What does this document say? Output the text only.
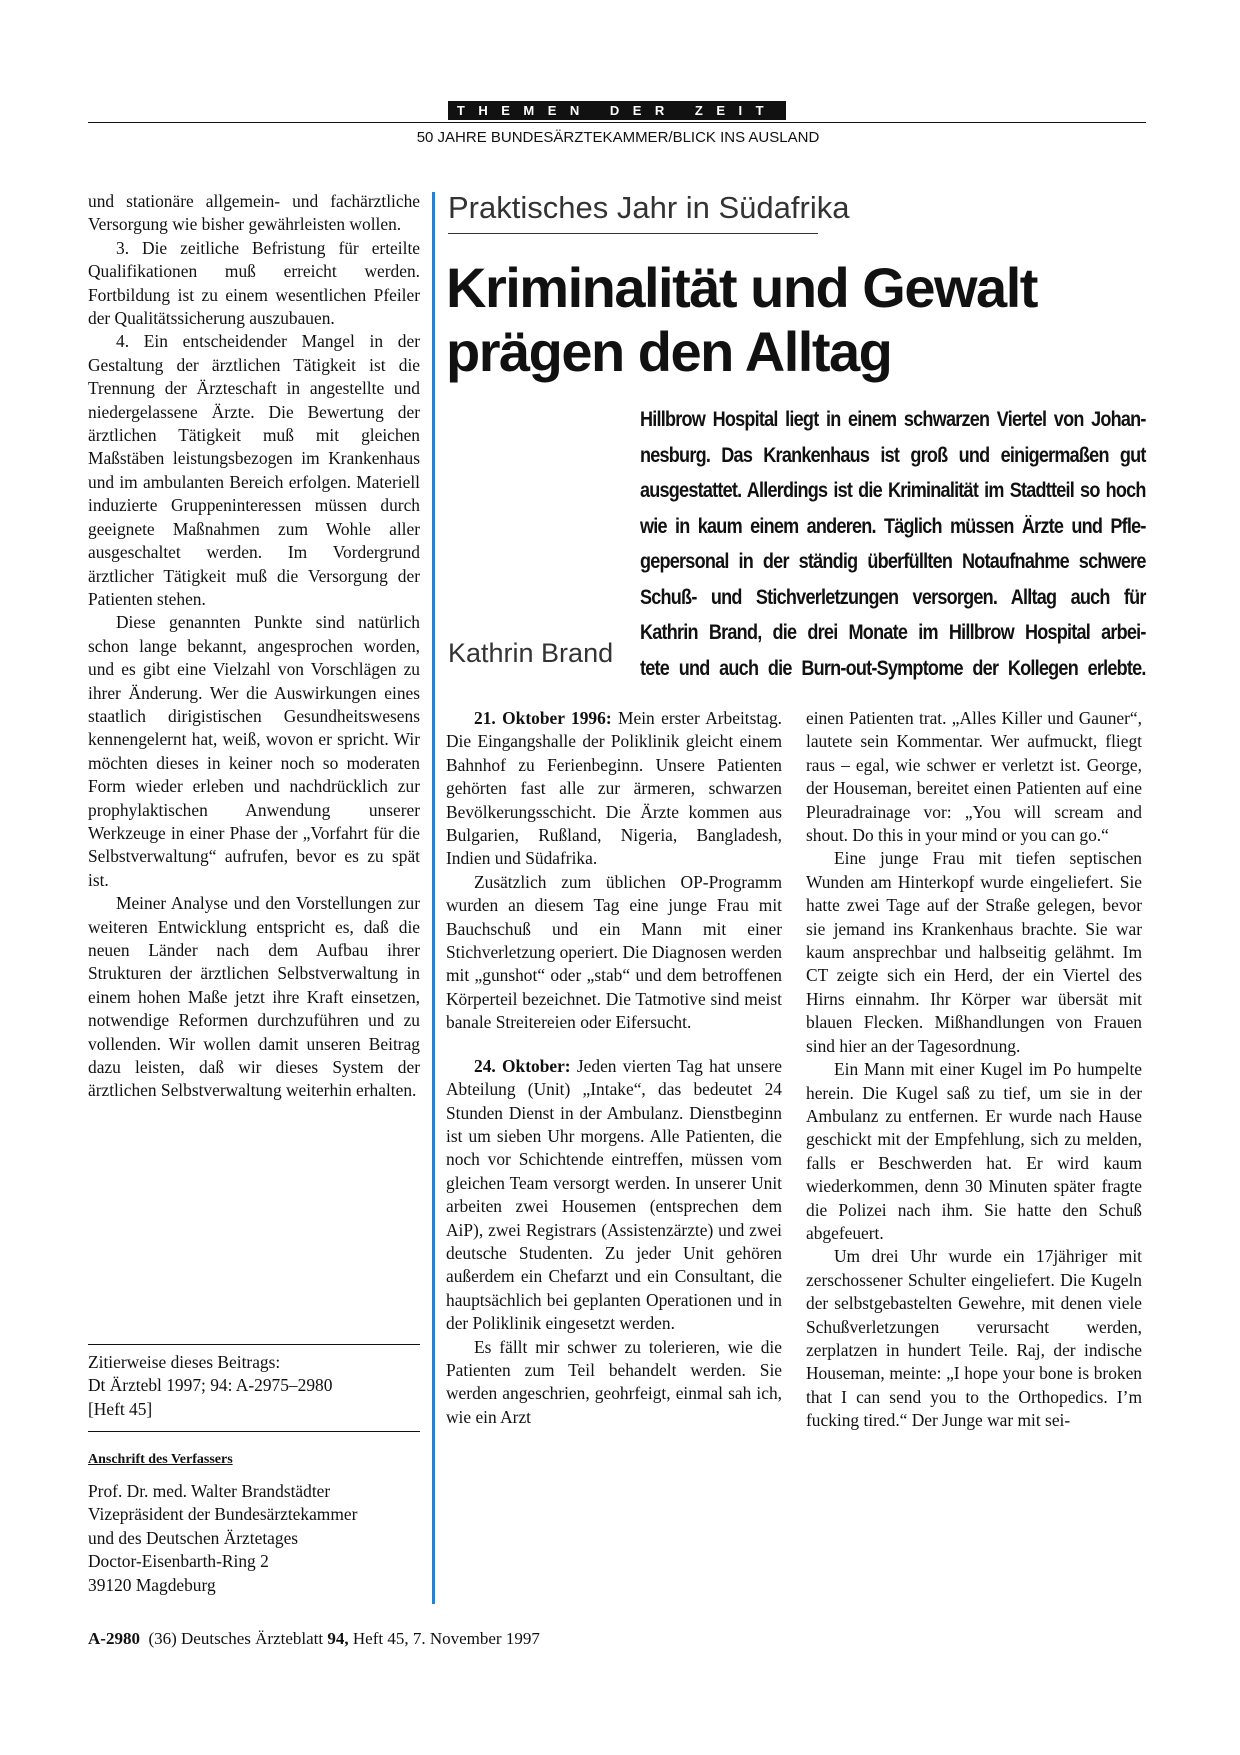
THEMEN DER ZEIT
50 JAHRE BUNDESÄRZTEKAMMER/BLICK INS AUSLAND

und stationäre allgemein- und fachärztliche Versorgung wie bisher gewährleisten wollen.

3. Die zeitliche Befristung für erteilte Qualifikationen muß erreicht werden. Fortbildung ist zu einem wesentlichen Pfeiler der Qualitätssicherung auszubauen.

4. Ein entscheidender Mangel in der Gestaltung der ärztlichen Tätigkeit ist die Trennung der Ärzteschaft in angestellte und niedergelassene Ärzte. Die Bewertung der ärztlichen Tätigkeit muß mit gleichen Maßstäben leistungsbezogen im Krankenhaus und im ambulanten Bereich erfolgen. Materiell induzierte Gruppeninteressen müssen durch geeignete Maßnahmen zum Wohle aller ausgeschaltet werden. Im Vordergrund ärztlicher Tätigkeit muß die Versorgung der Patienten stehen.

Diese genannten Punkte sind natürlich schon lange bekannt, angesprochen worden, und es gibt eine Vielzahl von Vorschlägen zu ihrer Änderung. Wer die Auswirkungen eines staatlich dirigistischen Gesundheitswesens kennengelernt hat, weiß, wovon er spricht. Wir möchten dieses in keiner noch so moderaten Form wieder erleben und nachdrücklich zur prophylaktischen Anwendung unserer Werkzeuge in einer Phase der „Vorfahrt für die Selbstverwaltung“ aufrufen, bevor es zu spät ist.

Meiner Analyse und den Vorstellungen zur weiteren Entwicklung entspricht es, daß die neuen Länder nach dem Aufbau ihrer Strukturen der ärztlichen Selbstverwaltung in einem hohen Maße jetzt ihre Kraft einsetzen, notwendige Reformen durchzuführen und zu vollenden. Wir wollen damit unseren Beitrag dazu leisten, daß wir dieses System der ärztlichen Selbstverwaltung weiterhin erhalten.

Zitierweise dieses Beitrags:

Dt Ärztebl 1997; 94: A-2975–2980

[Heft 45]

Anschrift des Verfassers

Prof. Dr. med. Walter Brandstädter

Vizepräsident der Bundesärztekammer

und des Deutschen Ärztetages

Doctor-Eisenbarth-Ring 2

39120 Magdeburg

Praktisches Jahr in Südafrika
Kriminalität und Gewalt
prägen den Alltag
Hillbrow Hospital liegt in einem schwarzen Viertel von Johan-
nesburg. Das Krankenhaus ist groß und einigermaßen gut
ausgestattet. Allerdings ist die Kriminalität im Stadtteil so hoch
wie in kaum einem anderen. Täglich müssen Ärzte und Pfle-
gepersonal in der ständig überfüllten Notaufnahme schwere
Schuß- und Stichverletzungen versorgen. Alltag auch für
Kathrin Brand, die drei Monate im Hillbrow Hospital arbei-
tete und auch die Burn-out-Symptome der Kollegen erlebte.
Kathrin Brand

21. Oktober 1996: Mein erster Arbeitstag. Die Eingangshalle der Poliklinik gleicht einem Bahnhof zu Ferienbeginn. Unsere Patienten gehörten fast alle zur ärmeren, schwarzen Bevölkerungsschicht. Die Ärzte kommen aus Bulgarien, Rußland, Nigeria, Bangladesh, Indien und Südafrika.

Zusätzlich zum üblichen OP-Programm wurden an diesem Tag eine junge Frau mit Bauchschuß und ein Mann mit einer Stichverletzung operiert. Die Diagnosen werden mit „gunshot“ oder „stab“ und dem betroffenen Körperteil bezeichnet. Die Tatmotive sind meist banale Streitereien oder Eifersucht.

24. Oktober: Jeden vierten Tag hat unsere Abteilung (Unit) „Intake“, das bedeutet 24 Stunden Dienst in der Ambulanz. Dienstbeginn ist um sieben Uhr morgens. Alle Patienten, die noch vor Schichtende eintreffen, müssen vom gleichen Team versorgt werden. In unserer Unit arbeiten zwei Housemen (entsprechen dem AiP), zwei Registrars (Assistenzärzte) und zwei deutsche Studenten. Zu jeder Unit gehören außerdem ein Chefarzt und ein Consultant, die hauptsächlich bei geplanten Operationen und in der Poliklinik eingesetzt werden.

Es fällt mir schwer zu tolerieren, wie die Patienten zum Teil behandelt werden. Sie werden angeschrien, geohrfeigt, einmal sah ich, wie ein Arzt

einen Patienten trat. „Alles Killer und Gauner“, lautete sein Kommentar. Wer aufmuckt, fliegt raus – egal, wie schwer er verletzt ist. George, der Houseman, bereitet einen Patienten auf eine Pleuradrainage vor: „You will scream and shout. Do this in your mind or you can go.“

Eine junge Frau mit tiefen septischen Wunden am Hinterkopf wurde eingeliefert. Sie hatte zwei Tage auf der Straße gelegen, bevor sie jemand ins Krankenhaus brachte. Sie war kaum ansprechbar und halbseitig gelähmt. Im CT zeigte sich ein Herd, der ein Viertel des Hirns einnahm. Ihr Körper war übersät mit blauen Flecken. Mißhandlungen von Frauen sind hier an der Tagesordnung.

Ein Mann mit einer Kugel im Po humpelte herein. Die Kugel saß zu tief, um sie in der Ambulanz zu entfernen. Er wurde nach Hause geschickt mit der Empfehlung, sich zu melden, falls er Beschwerden hat. Er wird kaum wiederkommen, denn 30 Minuten später fragte die Polizei nach ihm. Sie hatte den Schuß abgefeuert.

Um drei Uhr wurde ein 17jähriger mit zerschossener Schulter eingeliefert. Die Kugeln der selbstgebastelten Gewehre, mit denen viele Schußverletzungen verursacht werden, zerplatzen in hundert Teile. Raj, der indische Houseman, meinte: „I hope your bone is broken that I can send you to the Orthopedics. I’m fucking tired.“ Der Junge war mit sei-

A-2980  (36) Deutsches Ärzteblatt 94, Heft 45, 7. November 1997
